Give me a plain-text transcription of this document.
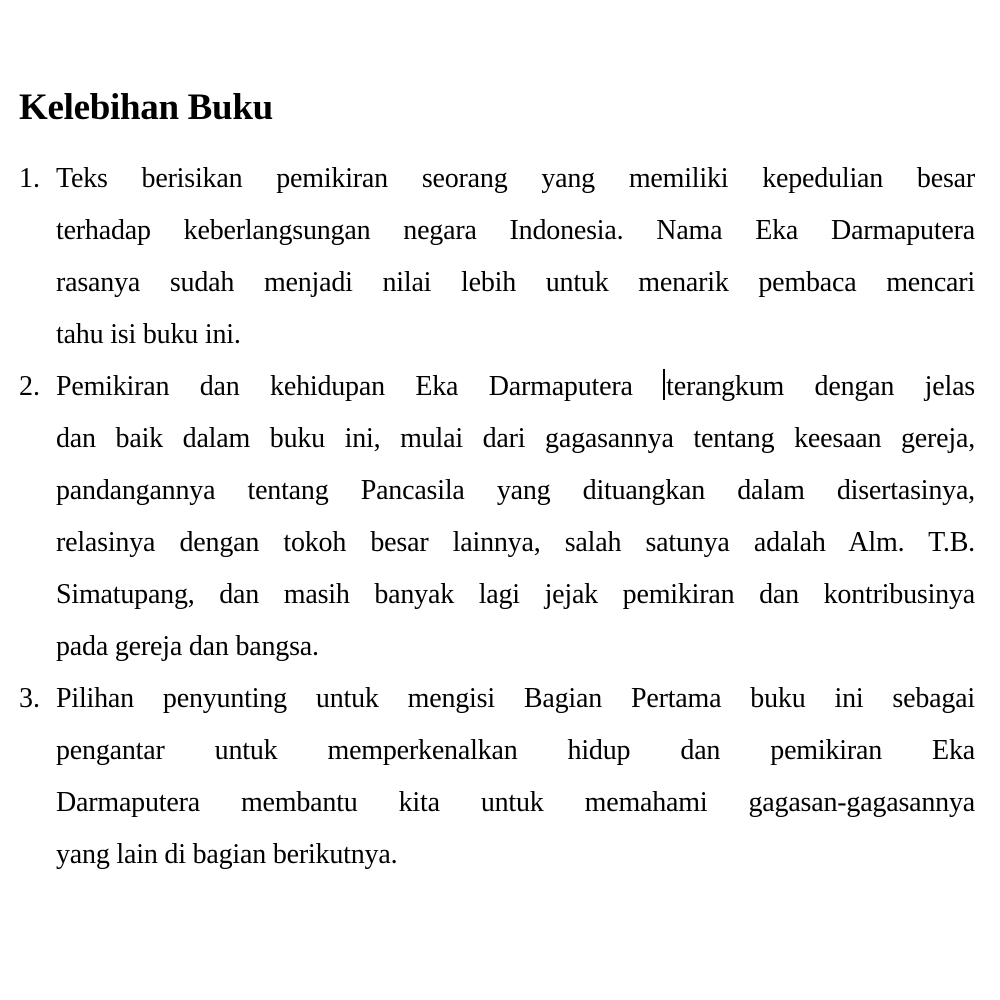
Kelebihan Buku
1. Teks berisikan pemikiran seorang yang memiliki kepedulian besar
terhadap keberlangsungan negara Indonesia. Nama Eka Darmaputera
rasanya sudah menjadi nilai lebih untuk menarik pembaca mencari
tahu isi buku ini.
2. Pemikiran dan kehidupan Eka Darmaputera terangkum dengan jelas
dan baik dalam buku ini, mulai dari gagasannya tentang keesaan gereja,
pandangannya tentang Pancasila yang dituangkan dalam disertasinya,
relasinya dengan tokoh besar lainnya, salah satunya adalah Alm. T.B.
Simatupang, dan masih banyak lagi jejak pemikiran dan kontribusinya
pada gereja dan bangsa.
3. Pilihan penyunting untuk mengisi Bagian Pertama buku ini sebagai
pengantar untuk memperkenalkan hidup dan pemikiran Eka
Darmaputera membantu kita untuk memahami gagasan-gagasannya
yang lain di bagian berikutnya.
